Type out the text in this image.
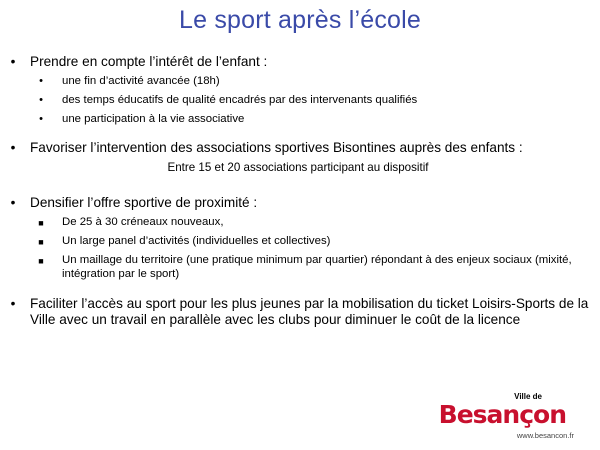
Le sport après l’école
•	Prendre en compte l’intérêt de l’enfant :
• une fin d’activité avancée (18h)
• des temps éducatifs de qualité encadrés par des intervenants qualifiés
• une participation à la vie associative
•	Favoriser l’intervention des associations sportives Bisontines auprès des enfants :
Entre 15 et 20 associations participant au dispositif
•	Densifier l’offre sportive de proximité :
■ De 25 à 30 créneaux nouveaux,
■ Un large panel d’activités (individuelles et collectives)
■ Un maillage du territoire (une pratique minimum par quartier) répondant à des enjeux sociaux (mixité, intégration par le sport)
•	Faciliter l’accès au sport pour les plus jeunes par la mobilisation du ticket Loisirs-Sports de la Ville avec un travail en parallèle avec les clubs pour diminuer le coût de la licence
Ville de
Besançon
www.besancon.fr
